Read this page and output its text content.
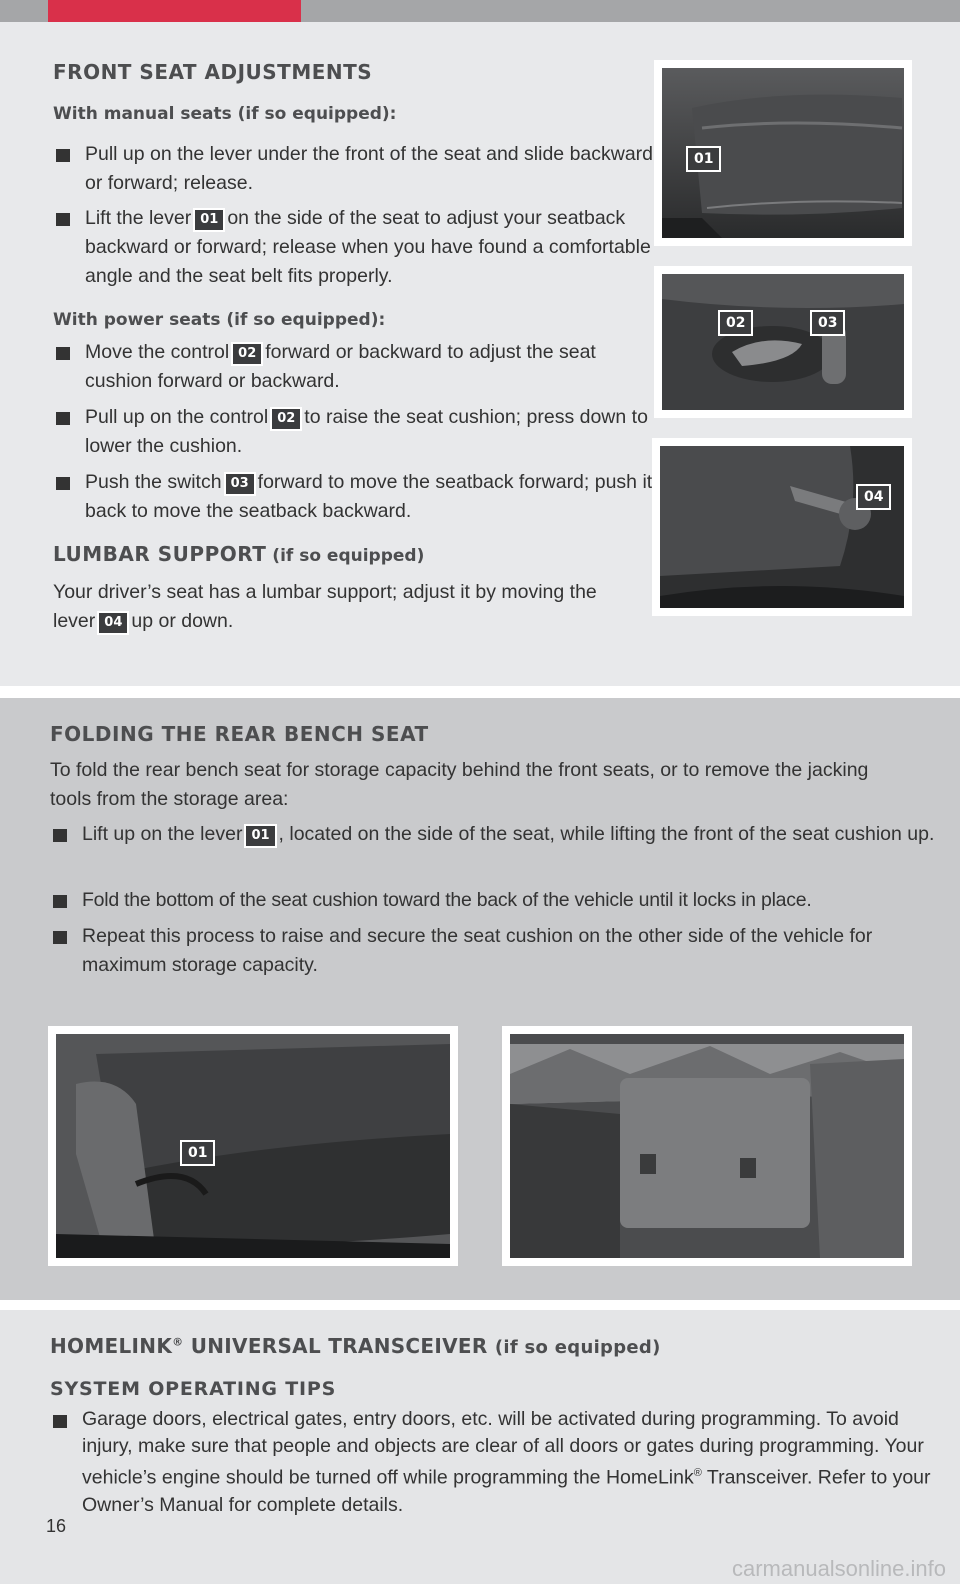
FRONT SEAT ADJUSTMENTS
With manual seats (if so equipped):
Pull up on the lever under the front of the seat and slide backward or forward; release.
Lift the lever 01 on the side of the seat to adjust your seatback backward or forward; release when you have found a comfortable angle and the seat belt fits properly.
With power seats (if so equipped):
Move the control 02 forward or backward to adjust the seat cushion forward or backward.
Pull up on the control 02 to raise the seat cushion; press down to lower the cushion.
Push the switch 03 forward to move the seatback forward; push it back to move the seatback backward.
LUMBAR SUPPORT (if so equipped)
Your driver’s seat has a lumbar support; adjust it by moving the lever 04 up or down.
01
02	03
04
FOLDING THE REAR BENCH SEAT
To fold the rear bench seat for storage capacity behind the front seats, or to remove the jacking tools from the storage area:
Lift up on the lever 01 , located on the side of the seat, while lifting the front of the seat cushion up.
Fold the bottom of the seat cushion toward the back of the vehicle until it locks in place.
Repeat this process to raise and secure the seat cushion on the other side of the vehicle for maximum storage capacity.
01
HOMELINK® UNIVERSAL TRANSCEIVER (if so equipped)
SYSTEM OPERATING TIPS
Garage doors, electrical gates, entry doors, etc. will be activated during programming. To avoid injury, make sure that people and objects are clear of all doors or gates during programming. Your vehicle’s engine should be turned off while programming the HomeLink® Transceiver. Refer to your Owner’s Manual for complete details.
16
carmanualsonline.info
